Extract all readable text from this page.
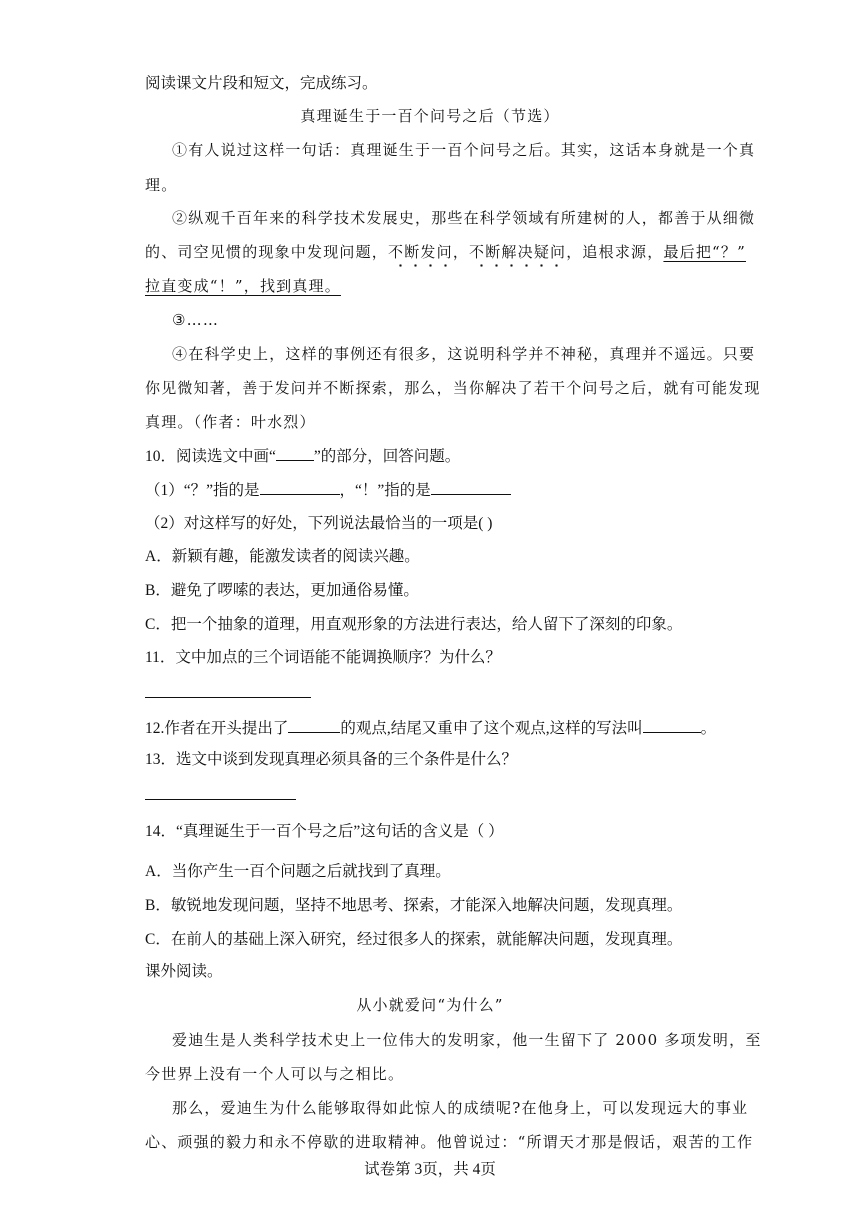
阅读课文片段和短文，完成练习。
真理诞生于一百个问号之后（节选）
①有人说过这样一句话：真理诞生于一百个问号之后。其实，这话本身就是一个真
理。
②纵观千百年来的科学技术发展史，那些在科学领域有所建树的人，都善于从细微
的、司空见惯的现象中发现问题，不断发问，不断解决疑问，追根求源，最后把“？”
拉直变成“！”，找到真理。
③……
④在科学史上，这样的事例还有很多，这说明科学并不神秘，真理并不遥远。只要
你见微知著，善于发问并不断探索，那么，当你解决了若干个问号之后，就有可能发现
真理。（作者：叶水烈）
10．阅读选文中画“ ”的部分，回答问题。
（1）“？”指的是	，“！”指的是
（2）对这样写的好处，下列说法最恰当的一项是( )
A．新颖有趣，能激发读者的阅读兴趣。
B．避免了啰嗦的表达，更加通俗易懂。
C．把一个抽象的道理，用直观形象的方法进行表达，给人留下了深刻的印象。
11．文中加点的三个词语能不能调换顺序？为什么？
12.作者在开头提出了	的观点,结尾又重申了这个观点,这样的写法叫	。
13．选文中谈到发现真理必须具备的三个条件是什么？
14．“真理诞生于一百个号之后”这句话的含义是（ ）
A．当你产生一百个问题之后就找到了真理。
B．敏锐地发现问题，坚持不地思考、探索，才能深入地解决问题，发现真理。
C．在前人的基础上深入研究，经过很多人的探索，就能解决问题，发现真理。
课外阅读。
从小就爱问“为什么”
爱迪生是人类科学技术史上一位伟大的发明家，他一生留下了 2000 多项发明，至
今世界上没有一个人可以与之相比。
那么，爱迪生为什么能够取得如此惊人的成绩呢?在他身上，可以发现远大的事业
心、顽强的毅力和永不停歇的进取精神。他曾说过：“所谓天才那是假话，艰苦的工作
试卷第 3页，共 4页
